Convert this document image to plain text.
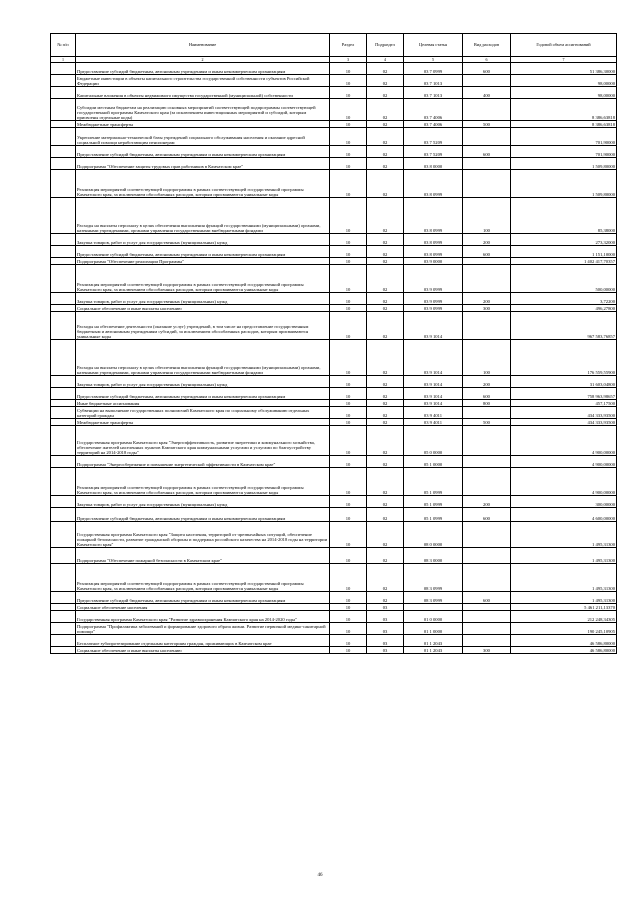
№ п/п	Наименование	Раздел	Подраздел	Целевая статья	Вид расходов	Годовой объем ассигнований
1	2	3	4	5	6	7
	Предоставление субсидий бюджетным, автономным учреждениям и иным некоммерческим организациям	10	02	03 7 0999	600	51 386,30000
	Бюджетные инвестиции в объекты капитального строительства государственной собственности субъектов Российской Федерации	10	02	03 7 1013		98,00000
	Капитальные вложения в объекты недвижимого имущества государственной (муниципальной) собственности	10	02	03 7 1013	400	98,00000
	Субсидии местным бюджетам на реализацию основных мероприятий соответствующей подпрограммы соответствующей государственной программы Камчатского края (за исключением инвестиционных мероприятий и субсидий, которым присвоены отдельные коды)	10	02	03 7 4006		8 386,63818
	Межбюджетные трансферты	10	02	03 7 4006	500	8 386,63818
	Укрепление материально-технической базы учреждений социального обслуживания населения и оказание адресной социальной помощи неработающим пенсионерам	10	02	03 7 5209		701,90000
	Предоставление субсидий бюджетным, автономным учреждениям и иным некоммерческим организациям	10	02	03 7 5209	600	701,90000
	Подпрограмма "Обеспечение защиты трудовых прав работников в Камчатском крае"	10	02	03 8 0000		1 509,80000
	Реализация мероприятий соответствующей подпрограммы в рамках соответствующей государственной программы Камчатского края, за исключением обособленных расходов, которым присваиваются уникальные коды	10	02	03 8 0999		1 509,80000
	Расходы на выплаты персоналу в целях обеспечения выполнения функций государственными (муниципальными) органами, казенными учреждениями, органами управления государственными внебюджетными фондами	10	02	03 8 0999	100	85,38000
	Закупка товаров, работ и услуг для государственных (муниципальных) нужд	10	02	03 8 0999	200	273,32000
	Предоставление субсидий бюджетным, автономным учреждениям и иным некоммерческим организациям	10	02	03 8 0999	600	1 151,10000
	Подпрограмма "Обеспечение реализации Программы"	10	02	03 9 0000		1 402 417,70357
	Реализация мероприятий соответствующей подпрограммы в рамках соответствующей государственной программы Камчатского края, за исключением обособленных расходов, которым присваиваются уникальные коды	10	02	03 9 0999		500,00000
	Закупка товаров, работ и услуг для государственных (муниципальных) нужд	10	02	03 9 0999	200	3,72200
	Социальное обеспечение и иные выплаты населению	10	02	03 9 0999	300	496,27800
	Расходы на обеспечение деятельности (оказание услуг) учреждений, в том числе на предоставление государственным бюджетным и автономным учреждениям субсидий, за исключением обособленных расходов, которым присваиваются уникальные коды	10	02	03 9 1014		967 583,76857
	Расходы на выплаты персоналу в целях обеспечения выполнения функций государственными (муниципальными) органами, казенными учреждениями, органами управления государственными внебюджетными фондами	10	02	03 9 1014	100	176 559,55900
	Закупка товаров, работ и услуг для государственных (муниципальных) нужд	10	02	03 9 1014	200	31 603,04800
	Предоставление субсидий бюджетным, автономным учреждениям и иным некоммерческим организациям	10	02	03 9 1014	600	758 963,98657
	Иные бюджетные ассигнования	10	02	03 9 1014	800	457,17500
	Субвенции на выполнение государственных полномочий Камчатского края по социальному обслуживанию отдельных категорий граждан	10	02	03 9 4011		434 333,93500
	Межбюджетные трансферты	10	02	03 9 4011	500	434 333,93500
	Государственная программа Камчатского края "Энергоэффективность, развитие энергетики и коммунального хозьяйства, обеспечение жителей населенных пунктов Камчатского края коммунальными услугами и услугами по благоустройству территорий на 2014-2018 годы"	10	02	05 0 0000		4 900,00000
	Подпрограмма "Энергосбережение и повышение энергетической эффективности в Камчатском крае"	10	02	05 1 0000		4 900,00000
	Реализация мероприятий соответствующей подпрограммы в рамках соответствующей государственной программы Камчатского края, за исключением обособленных расходов, которым присваиваются уникальные коды	10	02	05 1 0999		4 900,00000
	Закупка товаров, работ и услуг для государственных (муниципальных) нужд	10	02	05 1 0999	200	300,00000
	Предоставление субсидий бюджетным, автономным учреждениям и иным некоммерческим организациям	10	02	05 1 0999	600	4 600,00000
	Государственная программа Камчатского края "Защита населения, территорий от чрезвычайных ситуаций, обеспечение пожарной безопасности, развитие гражданской обороны и поддержка российского казачества на 2014-2018 годы на территории Камчатского края"	10	02	08 0 0000		1 495,31300
	Подпрограмма "Обеспечение пожарной безопасности в Камчатском крае"	10	02	08 3 0000		1 495,31300
	Реализация мероприятий соответствующей подпрограммы в рамках соответствующей государственной программы Камчатского края, за исключением обособленных расходов, которым присваиваются уникальные коды	10	02	08 3 0999		1 495,31300
	Предоставление субсидий бюджетным, автономным учреждениям и иным некоммерческим организациям	10	02	08 3 0999	600	1 495,31300
	Социальное обеспечение населения	10	03			5 461 211,13370
	Государственная программа Камчатского края "Развитие здравоохранения Камчатского края на 2014-2020 годы"	10	03	01 0 0000		212 248,34305
	Подпрограмма "Профилактика заболеваний и формирование здорового образа жизни. Развитие первичной медико-санитарной помощи"	10	03	01 1 0000		190 245,10905
	Бесплатное зубопротезирование отдельным категориям граждан, проживающих в Камчатском крае	10	03	01 1 2043		46 586,80000
	Социальное обеспечение и иные выплаты населению	10	03	01 1 2043	300	46 586,80000
46
